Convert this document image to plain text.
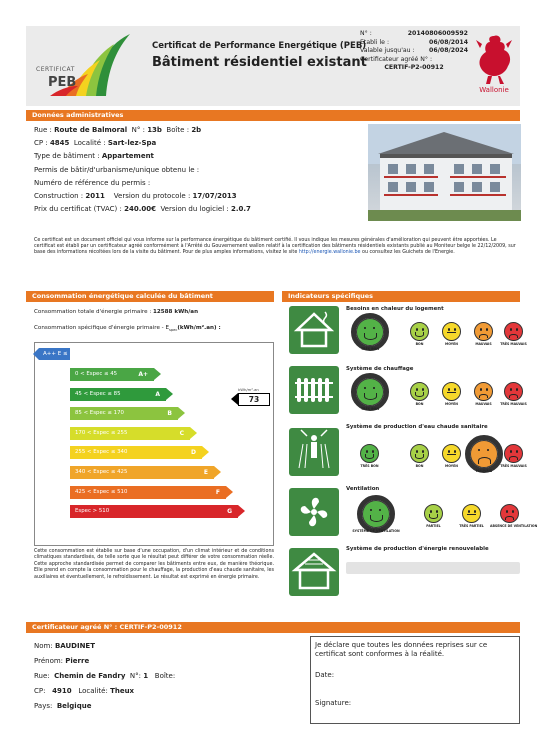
CERTIFICAT
PEB
Certificat de Performance Energétique (PEB)
Bâtiment résidentiel existant
N° :	20140806009592
Etabli le :	06/08/2014
Valable jusqu'au : 06/08/2024
Certificateur agréé N° :
CERTIF-P2-00912
Wallonie
Données administratives
Rue : Route de Balmoral N° : 13b Boîte : 2b
CP : 4845 Localité : Sart-lez-Spa
Type de bâtiment : Appartement
Permis de bâtir/d'urbanisme/unique obtenu le :
Numéro de référence du permis :
Construction : 2011 Version du protocole : 17/07/2013
Prix du certificat (TVAC) : 240.00€ Version du logiciel : 2.0.7
Ce certificat est un document officiel qui vous informe sur la performance énergétique du bâtiment certifié. Il vous indique les mesures générales d'amélioration qui peuvent être apportées. Le certificat est établi par un certificateur agréé conformément à l'Arrêté du Gouvernement wallon relatif à la certification des bâtiments résidentiels existants publié au Moniteur belge le 22/12/2009, sur base des informations récoltées lors de la visite du bâtiment. Pour de plus amples informations, visitez le site http://energie.wallonie.be ou consultez les Guichets de l'Energie.
Consommation énergétique calculée du bâtiment	Indicateurs spécifiques
Consommation totale d'énergie primaire : 12588 kWh/an
Consommation spécifique d'énergie primaire - $E_{spec}(kWh/m^2.an)$ :
A++ E ≤ 0
0 < Espec ≤ 45	A+
45 < Espec ≤ 85	A
85 < Espec ≤ 170	B
170 < Espec ≤ 255	C
255 < Espec ≤ 340	D
340 < Espec ≤ 425	E
425 < Espec ≤ 510	F
Espec > 510	G
kWh/m².an
73
Cette consommation est établie sur base d'une occupation, d'un climat intérieur et de conditions climatiques standardisés, de telle sorte que le résultat peut différer de votre consommation réelle. Cette approche standardisée permet de comparer les bâtiments entre eux, de manière théorique. Elle prend en compte la consommation pour le chauffage, la production d'eau chaude sanitaire, les auxiliaires et éventuellement, le refroidissement. Le résultat est exprimé en énergie primaire.
Besoins en chaleur du logement
Système de chauffage
Système de production d'eau chaude sanitaire
Ventilation
Système de production d'énergie renouvelable
TRÈS BON
BON	MOYEN	MAUVAIS	TRÈS MAUVAIS
TRÈS BON
BON	MOYEN	MAUVAIS	TRÈS MAUVAIS
TRÈS BON	BON	MOYEN
MAUVAIS
TRÈS MAUVAIS
SYSTÈME DE VENTILATION
PARTIEL	TRÈS PARTIEL	ABSENCE DE VENTILATION
Certificateur agréé N° : CERTIF-P2-00912
Nom: BAUDINET
Prénom: Pierre
Rue: Chemin de Fandry N°: 1 Boîte:
CP: 4910 Localité: Theux
Pays: Belgique
Je déclare que toutes les données reprises sur ce certificat sont conformes à la réalité.
Date:
Signature:
